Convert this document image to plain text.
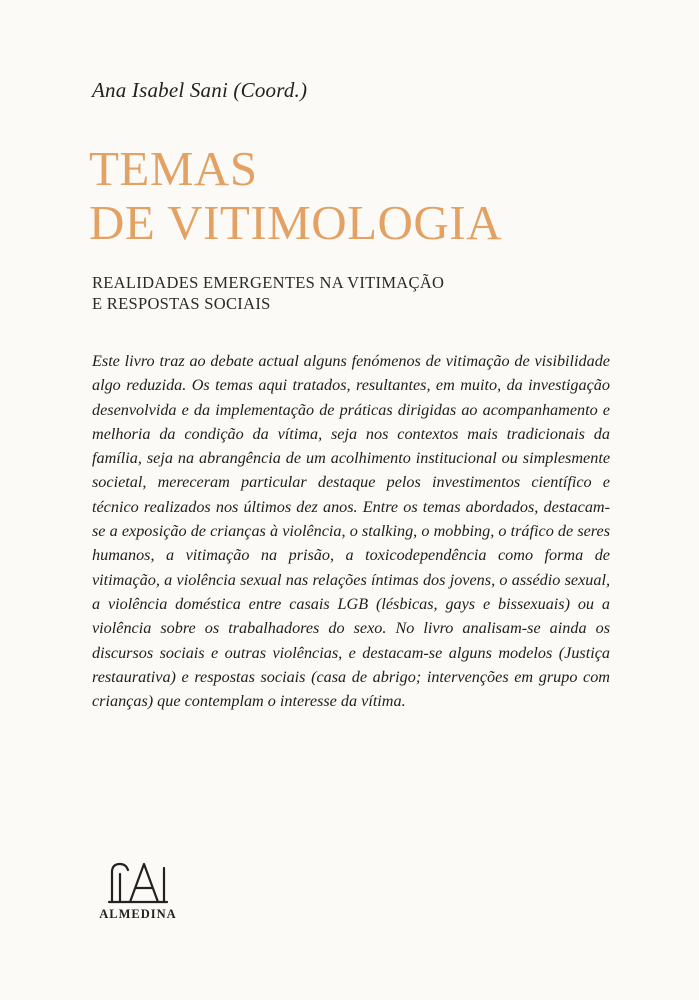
Ana Isabel Sani (Coord.)
TEMAS
DE VITIMOLOGIA
REALIDADES EMERGENTES NA VITIMAÇÃO
E RESPOSTAS SOCIAIS

Este livro traz ao debate actual alguns fenómenos de vitimação de visibilidade algo reduzida. Os temas aqui tratados, resultantes, em muito, da investigação desenvolvida e da implementação de práticas dirigidas ao acompanhamento e melhoria da condição da vítima, seja nos contextos mais tradicionais da família, seja na abrangência de um acolhimento institucional ou simplesmente societal, mereceram particular destaque pelos investimentos científico e técnico realizados nos últimos dez anos. Entre os temas abordados, destacam-se a exposição de crianças à violência, o stalking, o mobbing, o tráfico de seres humanos, a vitimação na prisão, a toxicodependência como forma de vitimação, a violência sexual nas relações íntimas dos jovens, o assédio sexual, a violência doméstica entre casais LGB (lésbicas, gays e bissexuais) ou a violência sobre os trabalhadores do sexo. No livro analisam-se ainda os discursos sociais e outras violências, e destacam-se alguns modelos (Justiça restaurativa) e respostas sociais (casa de abrigo; intervenções em grupo com crianças) que contemplam o interesse da vítima.

ALMEDINA
